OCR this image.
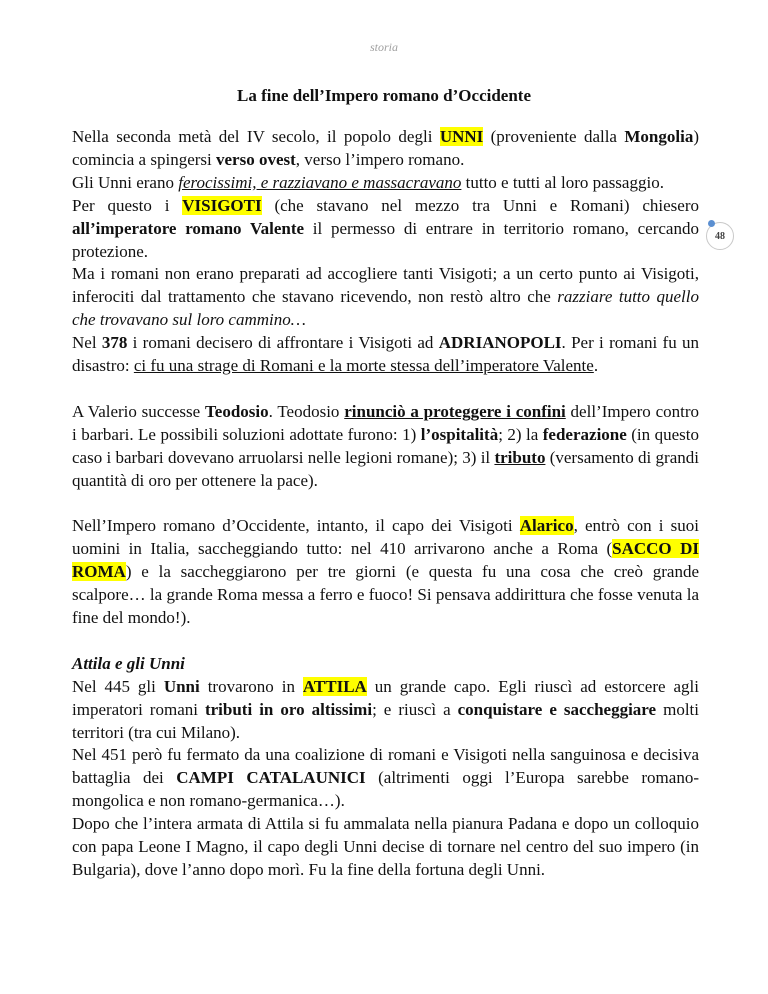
storia
48
La fine dell’Impero romano d’Occidente

Nella seconda metà del IV secolo, il popolo degli UNNI (proveniente dalla Mongolia) comincia a spingersi verso ovest, verso l’impero romano.

Gli Unni erano ferocissimi, e razziavano e massacravano tutto e tutti al loro passaggio.

Per questo i VISIGOTI (che stavano nel mezzo tra Unni e Romani) chiesero all’imperatore romano Valente il permesso di entrare in territorio romano, cercando protezione.

Ma i romani non erano preparati ad accogliere tanti Visigoti; a un certo punto ai Visigoti, inferociti dal trattamento che stavano ricevendo, non restò altro che razziare tutto quello che trovavano sul loro cammino…

Nel 378 i romani decisero di affrontare i Visigoti ad ADRIANOPOLI. Per i romani fu un disastro: ci fu una strage di Romani e la morte stessa dell’imperatore Valente.

A Valerio successe Teodosio. Teodosio rinunciò a proteggere i confini dell’Impero contro i barbari. Le possibili soluzioni adottate furono: 1) l’ospitalità; 2) la federazione (in questo caso i barbari dovevano arruolarsi nelle legioni romane); 3) il tributo (versamento di grandi quantità di oro per ottenere la pace).

Nell’Impero romano d’Occidente, intanto, il capo dei Visigoti Alarico, entrò con i suoi uomini in Italia, saccheggiando tutto: nel 410 arrivarono anche a Roma (SACCO DI ROMA) e la saccheggiarono per tre giorni (e questa fu una cosa che creò grande scalpore… la grande Roma messa a ferro e fuoco! Si pensava addirittura che fosse venuta la fine del mondo!).

Attila e gli Unni

Nel 445 gli Unni trovarono in ATTILA un grande capo. Egli riuscì ad estorcere agli imperatori romani tributi in oro altissimi; e riuscì a conquistare e saccheggiare molti territori (tra cui Milano).

Nel 451 però fu fermato da una coalizione di romani e Visigoti nella sanguinosa e decisiva battaglia dei CAMPI CATALAUNICI (altrimenti oggi l’Europa sarebbe romano-mongolica e non romano-germanica…).

Dopo che l’intera armata di Attila si fu ammalata nella pianura Padana e dopo un colloquio con papa Leone I Magno, il capo degli Unni decise di tornare nel centro del suo impero (in Bulgaria), dove l’anno dopo morì. Fu la fine della fortuna degli Unni.
